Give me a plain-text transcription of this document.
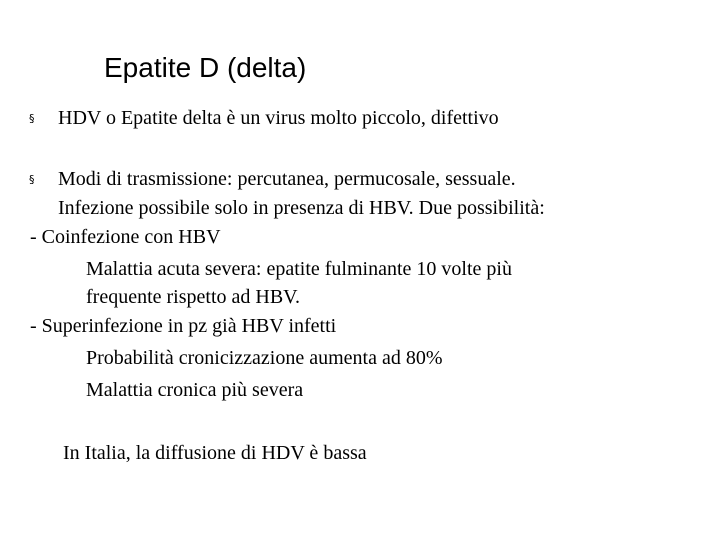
Epatite D (delta)
§ HDV o Epatite delta è un virus molto piccolo, difettivo
§ Modi di trasmissione: percutanea, permucosale, sessuale.
Infezione possibile solo in presenza di HBV. Due possibilità:
- Coinfezione con HBV
Malattia acuta severa: epatite fulminante 10 volte più
frequente rispetto ad HBV.
- Superinfezione in pz già HBV infetti
Probabilità cronicizzazione aumenta ad 80%
Malattia cronica più severa
In Italia, la diffusione di HDV è bassa
